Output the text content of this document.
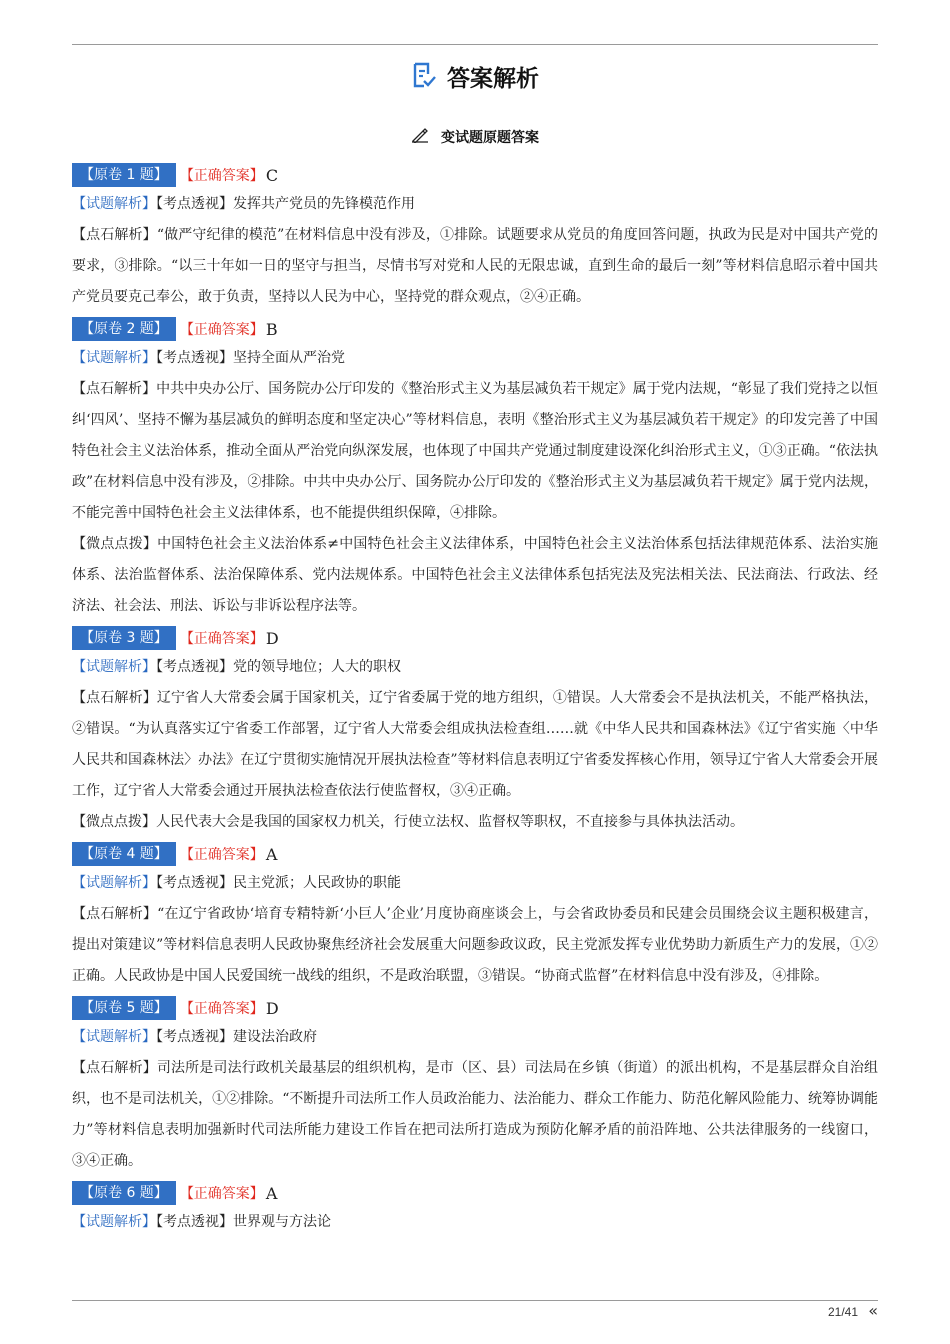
答案解析
变试题原题答案
【原卷 1 题】 【正确答案】 C
【试题解析】【考点透视】发挥共产党员的先锋模范作用
【点石解析】“做严守纪律的模范”在材料信息中没有涉及，①排除。试题要求从党员的角度回答问题，执政为民是对中国共产党的要求，③排除。“以三十年如一日的坚守与担当，尽情书写对党和人民的无限忠诚，直到生命的最后一刻”等材料信息昭示着中国共产党员要克己奉公，敢于负责，坚持以人民为中心，坚持党的群众观点，②④正确。
【原卷 2 题】 【正确答案】 B
【试题解析】【考点透视】坚持全面从严治党
【点石解析】中共中央办公厅、国务院办公厅印发的《整治形式主义为基层减负若干规定》属于党内法规，“彰显了我们党持之以恒纠‘四风’、坚持不懈为基层减负的鲜明态度和坚定决心”等材料信息，表明《整治形式主义为基层减负若干规定》的印发完善了中国特色社会主义法治体系，推动全面从严治党向纵深发展，也体现了中国共产党通过制度建设深化纠治形式主义，①③正确。“依法执政”在材料信息中没有涉及，②排除。中共中央办公厅、国务院办公厅印发的《整治形式主义为基层减负若干规定》属于党内法规，不能完善中国特色社会主义法律体系，也不能提供组织保障，④排除。
【微点点拨】中国特色社会主义法治体系≠中国特色社会主义法律体系，中国特色社会主义法治体系包括法律规范体系、法治实施体系、法治监督体系、法治保障体系、党内法规体系。中国特色社会主义法律体系包括宪法及宪法相关法、民法商法、行政法、经济法、社会法、刑法、诉讼与非诉讼程序法等。
【原卷 3 题】 【正确答案】 D
【试题解析】【考点透视】党的领导地位；人大的职权
【点石解析】辽宁省人大常委会属于国家机关，辽宁省委属于党的地方组织，①错误。人大常委会不是执法机关，不能严格执法，②错误。“为认真落实辽宁省委工作部署，辽宁省人大常委会组成执法检查组……就《中华人民共和国森林法》《辽宁省实施〈中华人民共和国森林法〉办法》在辽宁贯彻实施情况开展执法检查”等材料信息表明辽宁省委发挥核心作用，领导辽宁省人大常委会开展工作，辽宁省人大常委会通过开展执法检查依法行使监督权，③④正确。
【微点点拨】人民代表大会是我国的国家权力机关，行使立法权、监督权等职权，不直接参与具体执法活动。
【原卷 4 题】 【正确答案】 A
【试题解析】【考点透视】民主党派；人民政协的职能
【点石解析】“在辽宁省政协‘培育专精特新‘小巨人’企业’月度协商座谈会上，与会省政协委员和民建会员围绕会议主题积极建言，提出对策建议”等材料信息表明人民政协聚焦经济社会发展重大问题参政议政，民主党派发挥专业优势助力新质生产力的发展，①②正确。人民政协是中国人民爱国统一战线的组织，不是政治联盟，③错误。“协商式监督”在材料信息中没有涉及，④排除。
【原卷 5 题】 【正确答案】 D
【试题解析】【考点透视】建设法治政府
【点石解析】司法所是司法行政机关最基层的组织机构，是市（区、县）司法局在乡镇（街道）的派出机构，不是基层群众自治组织，也不是司法机关，①②排除。“不断提升司法所工作人员政治能力、法治能力、群众工作能力、防范化解风险能力、统筹协调能力”等材料信息表明加强新时代司法所能力建设工作旨在把司法所打造成为预防化解矛盾的前沿阵地、公共法律服务的一线窗口，③④正确。
【原卷 6 题】 【正确答案】 A
【试题解析】【考点透视】世界观与方法论
21/41 «
